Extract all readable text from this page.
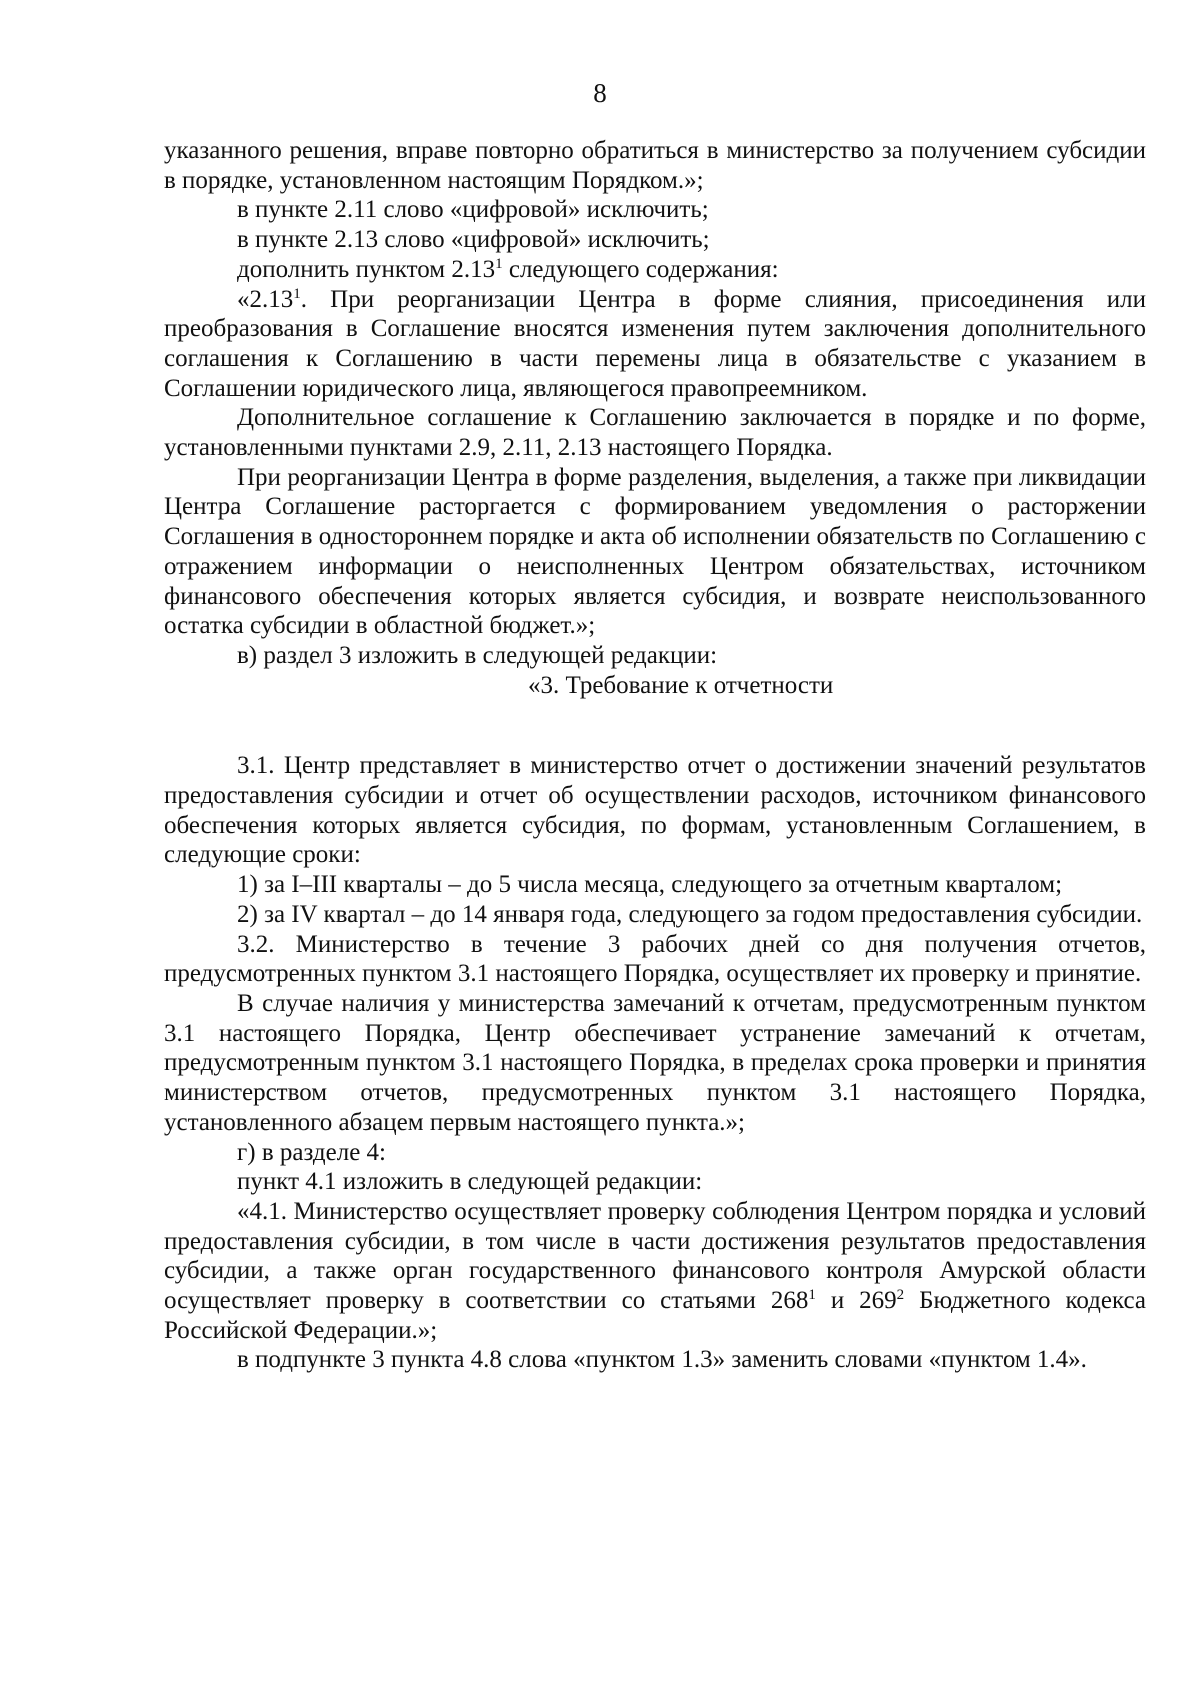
8

указанного решения, вправе повторно обратиться в министерство за получением субсидии в порядке, установленном настоящим Порядком.»;

в пункте 2.11 слово «цифровой» исключить;

в пункте 2.13 слово «цифровой» исключить;

дополнить пунктом 2.13$^1$ следующего содержания:

«2.13$^1$. При реорганизации Центра в форме слияния, присоединения или преобразования в Соглашение вносятся изменения путем заключения дополнительного соглашения к Соглашению в части перемены лица в обязательстве с указанием в Соглашении юридического лица, являющегося правопреемником.

Дополнительное соглашение к Соглашению заключается в порядке и по форме, установленными пунктами 2.9, 2.11, 2.13 настоящего Порядка.

При реорганизации Центра в форме разделения, выделения, а также при ликвидации Центра Соглашение расторгается с формированием уведомления о расторжении Соглашения в одностороннем порядке и акта об исполнении обязательств по Соглашению с отражением информации о неисполненных Центром обязательствах, источником финансового обеспечения которых является субсидия, и возврате неиспользованного остатка субсидии в областной бюджет.»;

в) раздел 3 изложить в следующей редакции:

«3. Требование к отчетности

3.1. Центр представляет в министерство отчет о достижении значений результатов предоставления субсидии и отчет об осуществлении расходов, источником финансового обеспечения которых является субсидия, по формам, установленным Соглашением, в следующие сроки:

1) за I–III кварталы – до 5 числа месяца, следующего за отчетным кварталом;

2) за IV квартал – до 14 января года, следующего за годом предоставления субсидии.

3.2. Министерство в течение 3 рабочих дней со дня получения отчетов, предусмотренных пунктом 3.1 настоящего Порядка, осуществляет их проверку и принятие.

В случае наличия у министерства замечаний к отчетам, предусмотренным пунктом 3.1 настоящего Порядка, Центр обеспечивает устранение замечаний к отчетам, предусмотренным пунктом 3.1 настоящего Порядка, в пределах срока проверки и принятия министерством отчетов, предусмотренных пунктом 3.1 настоящего Порядка, установленного абзацем первым настоящего пункта.»;

г) в разделе 4:

пункт 4.1 изложить в следующей редакции:

«4.1. Министерство осуществляет проверку соблюдения Центром порядка и условий предоставления субсидии, в том числе в части достижения результатов предоставления субсидии, а также орган государственного финансового контроля Амурской области осуществляет проверку в соответствии со статьями $268^1$ и $269^2$ Бюджетного кодекса Российской Федерации.»;

в подпункте 3 пункта 4.8 слова «пунктом 1.3» заменить словами «пунктом 1.4».
